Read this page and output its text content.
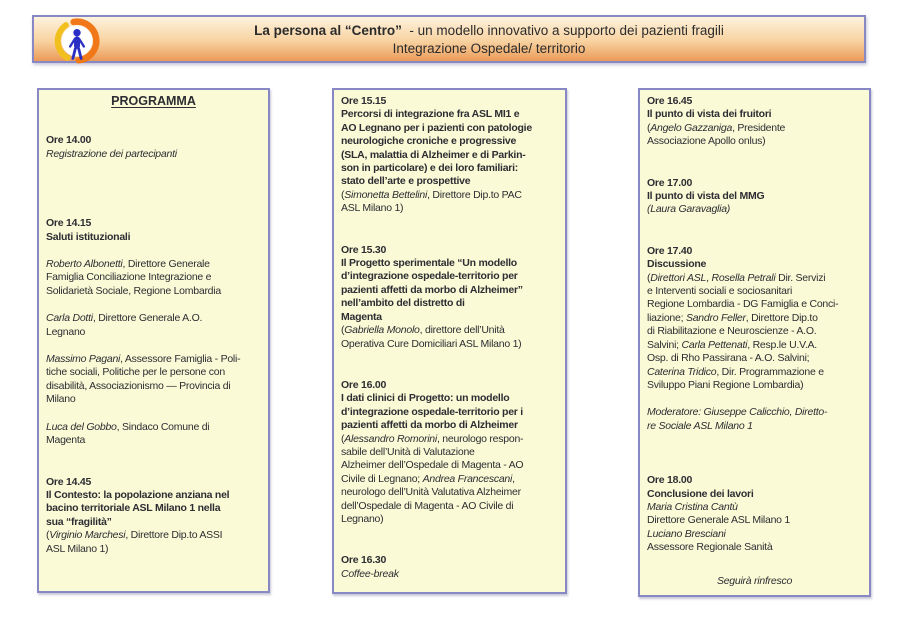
La persona al “Centro”  - un modello innovativo a supporto dei pazienti fragili
Integrazione Ospedale/ territorio
PROGRAMMA
Ore 14.00
Registrazione dei partecipanti
Ore 14.15
Saluti istituzionali
Roberto Albonetti, Direttore Generale
Famiglia Conciliazione Integrazione e
Solidarietà Sociale, Regione Lombardia
Carla Dotti, Direttore Generale A.O.
Legnano
Massimo Pagani, Assessore Famiglia - Poli-
tiche sociali, Politiche per le persone con
disabilità, Associazionismo — Provincia di
Milano
Luca del Gobbo, Sindaco Comune di
Magenta
Ore 14.45
Il Contesto: la popolazione anziana nel
bacino territoriale ASL Milano 1 nella
sua “fragilità”
(Virginio Marchesi, Direttore Dip.to ASSI
ASL Milano 1)
Ore 15.15
Percorsi di integrazione fra ASL MI1 e
AO Legnano per i pazienti con patologie
neurologiche croniche e progressive
(SLA, malattia di Alzheimer e di Parkin-
son in particolare) e dei loro familiari:
stato dell’arte e prospettive
(Simonetta Bettelini, Direttore Dip.to PAC
ASL Milano 1)
Ore 15.30
Il Progetto sperimentale “Un modello
d’integrazione ospedale-territorio per
pazienti affetti da morbo di Alzheimer”
nell’ambito del distretto di
Magenta
(Gabriella Monolo, direttore dell’Unità
Operativa Cure Domiciliari ASL Milano 1)
Ore 16.00
I dati clinici di Progetto: un modello
d’integrazione ospedale-territorio per i
pazienti affetti da morbo di Alzheimer
(Alessandro Romorini, neurologo respon-
sabile dell’Unità di Valutazione
Alzheimer dell’Ospedale di Magenta - AO
Civile di Legnano; Andrea Francescani,
neurologo dell’Unità Valutativa Alzheimer
dell’Ospedale di Magenta - AO Civile di
Legnano)
Ore 16.30
Coffee-break
Ore 16.45
Il punto di vista dei fruitori
(Angelo Gazzaniga, Presidente
Associazione Apollo onlus)
Ore 17.00
Il punto di vista del MMG
(Laura Garavaglia)
Ore 17.40
Discussione
(Direttori ASL, Rosella Petrali Dir. Servizi
e Interventi sociali e sociosanitari
Regione Lombardia - DG Famiglia e Conci-
liazione; Sandro Feller, Direttore Dip.to
di Riabilitazione e Neuroscienze - A.O.
Salvini; Carla Pettenati, Resp.le U.V.A.
Osp. di Rho Passirana - A.O. Salvini;
Caterina Tridico, Dir. Programmazione e
Sviluppo Piani Regione Lombardia)
Moderatore: Giuseppe Calicchio, Diretto-
re Sociale ASL Milano 1
Ore 18.00
Conclusione dei lavori
Maria Cristina Cantù
Direttore Generale ASL Milano 1
Luciano Bresciani
Assessore Regionale Sanità
Seguirà rinfresco
